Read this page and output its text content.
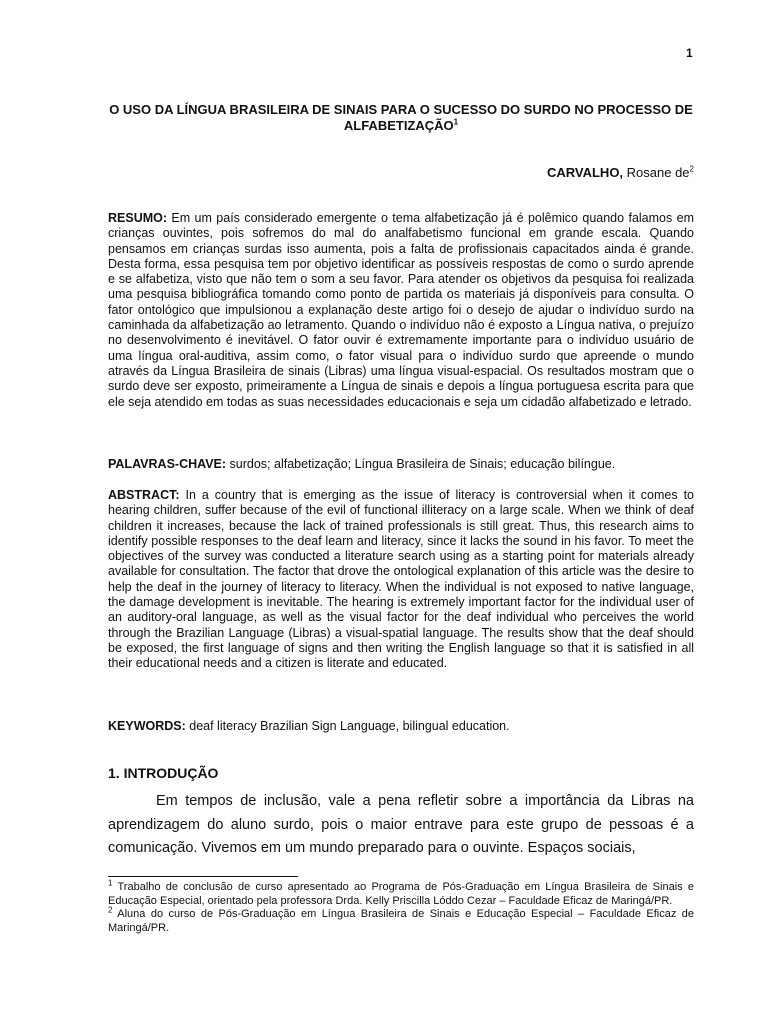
1
O USO DA LÍNGUA BRASILEIRA DE SINAIS PARA O SUCESSO DO SURDO NO PROCESSO DE ALFABETIZAÇÃO$^1$
CARVALHO, Rosane $de^2$

RESUMO: Em um país considerado emergente o tema alfabetização já é polêmico quando falamos em crianças ouvintes, pois sofremos do mal do analfabetismo funcional em grande escala. Quando pensamos em crianças surdas isso aumenta, pois a falta de profissionais capacitados ainda é grande. Desta forma, essa pesquisa tem por objetivo identificar as possíveis respostas de como o surdo aprende e se alfabetiza, visto que não tem o som a seu favor. Para atender os objetivos da pesquisa foi realizada uma pesquisa bibliográfica tomando como ponto de partida os materiais já disponíveis para consulta. O fator ontológico que impulsionou a explanação deste artigo foi o desejo de ajudar o indivíduo surdo na caminhada da alfabetização ao letramento. Quando o indivíduo não é exposto a Língua nativa, o prejuízo no desenvolvimento é inevitável. O fator ouvir é extremamente importante para o indivíduo usuário de uma língua oral-auditiva, assim como, o fator visual para o indivíduo surdo que apreende o mundo através da Língua Brasileira de sinais (Libras) uma língua visual-espacial. Os resultados mostram que o surdo deve ser exposto, primeiramente a Língua de sinais e depois a língua portuguesa escrita para que ele seja atendido em todas as suas necessidades educacionais e seja um cidadão alfabetizado e letrado.

PALAVRAS-CHAVE: surdos; alfabetização; Língua Brasileira de Sinais; educação bilíngue.

ABSTRACT: In a country that is emerging as the issue of literacy is controversial when it comes to hearing children, suffer because of the evil of functional illiteracy on a large scale. When we think of deaf children it increases, because the lack of trained professionals is still great. Thus, this research aims to identify possible responses to the deaf learn and literacy, since it lacks the sound in his favor. To meet the objectives of the survey was conducted a literature search using as a starting point for materials already available for consultation. The factor that drove the ontological explanation of this article was the desire to help the deaf in the journey of literacy to literacy. When the individual is not exposed to native language, the damage development is inevitable. The hearing is extremely important factor for the individual user of an auditory-oral language, as well as the visual factor for the deaf individual who perceives the world through the Brazilian Language (Libras) a visual-spatial language. The results show that the deaf should be exposed, the first language of signs and then writing the English language so that it is satisfied in all their educational needs and a citizen is literate and educated.

KEYWORDS: deaf literacy Brazilian Sign Language, bilingual education.

1. INTRODUÇÃO

Em tempos de inclusão, vale a pena refletir sobre a importância da Libras na aprendizagem do aluno surdo, pois o maior entrave para este grupo de pessoas é a comunicação. Vivemos em um mundo preparado para o ouvinte. Espaços sociais,

$^1$ Trabalho de conclusão de curso apresentado ao Programa de Pós-Graduação em Língua Brasileira de Sinais e Educação Especial, orientado pela professora Drda. Kelly Priscilla Lóddo Cezar – Faculdade Eficaz de Maringá/PR.

$^2$ Aluna do curso de Pós-Graduação em Língua Brasileira de Sinais e Educação Especial – Faculdade Eficaz de Maringá/PR.
